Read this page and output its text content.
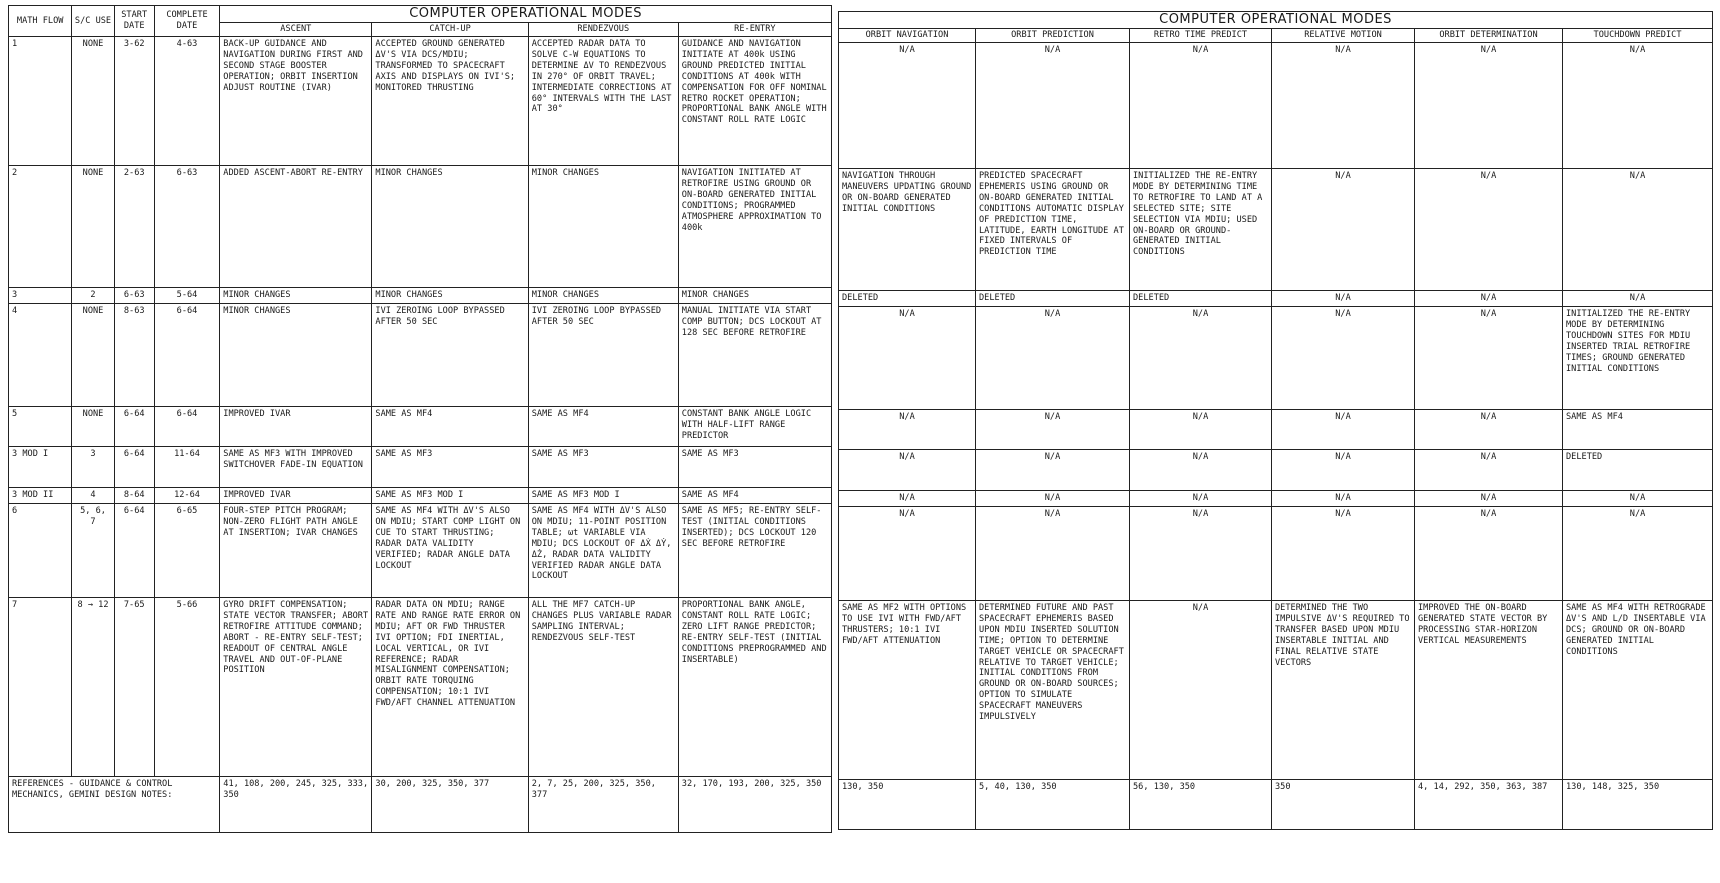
MATH FLOW	S/C USE	START DATE	COMPLETE DATE	COMPUTER OPERATIONAL MODES			
				ASCENT	CATCH-UP	RENDEZVOUS	RE-ENTRY
1	NONE	3-62	4-63	BACK-UP GUIDANCE AND NAVIGATION DURING FIRST AND SECOND STAGE BOOSTER OPERATION; ORBIT INSERTION ADJUST ROUTINE (IVAR)	ACCEPTED GROUND GENERATED ΔV'S VIA DCS/MDIU; TRANSFORMED TO SPACECRAFT AXIS AND DISPLAYS ON IVI'S; MONITORED THRUSTING	ACCEPTED RADAR DATA TO SOLVE C-W EQUATIONS TO DETERMINE ΔV TO RENDEZVOUS IN 270° OF ORBIT TRAVEL; INTERMEDIATE CORRECTIONS AT 60° INTERVALS WITH THE LAST AT 30°	GUIDANCE AND NAVIGATION INITIATE AT 400k USING GROUND PREDICTED INITIAL CONDITIONS AT 400k WITH COMPENSATION FOR OFF NOMINAL RETRO ROCKET OPERATION; PROPORTIONAL BANK ANGLE WITH CONSTANT ROLL RATE LOGIC
2	NONE	2-63	6-63	ADDED ASCENT-ABORT RE-ENTRY	MINOR CHANGES	MINOR CHANGES	NAVIGATION INITIATED AT RETROFIRE USING GROUND OR ON-BOARD GENERATED INITIAL CONDITIONS; PROGRAMMED ATMOSPHERE APPROXIMATION TO 400k
3	2	6-63	5-64	MINOR CHANGES	MINOR CHANGES	MINOR CHANGES	MINOR CHANGES
4	NONE	8-63	6-64	MINOR CHANGES	IVI ZEROING LOOP BYPASSED AFTER 50 SEC	IVI ZEROING LOOP BYPASSED AFTER 50 SEC	MANUAL INITIATE VIA START COMP BUTTON; DCS LOCKOUT AT 128 SEC BEFORE RETROFIRE
5	NONE	6-64	6-64	IMPROVED IVAR	SAME AS MF4	SAME AS MF4	CONSTANT BANK ANGLE LOGIC WITH HALF-LIFT RANGE PREDICTOR
3 MOD I	3	6-64	11-64	SAME AS MF3 WITH IMPROVED SWITCHOVER FADE-IN EQUATION	SAME AS MF3	SAME AS MF3	SAME AS MF3
3 MOD II	4	8-64	12-64	IMPROVED IVAR	SAME AS MF3 MOD I	SAME AS MF3 MOD I	SAME AS MF4
6	5, 6, 7	6-64	6-65	FOUR-STEP PITCH PROGRAM; NON-ZERO FLIGHT PATH ANGLE AT INSERTION; IVAR CHANGES	SAME AS MF4 WITH ΔV'S ALSO ON MDIU; START COMP LIGHT ON CUE TO START THRUSTING; RADAR DATA VALIDITY VERIFIED; RADAR ANGLE DATA LOCKOUT	SAME AS MF4 WITH ΔV'S ALSO ON MDIU; 11-POINT POSITION TABLE; ωt VARIABLE VIA MDIU; DCS LOCKOUT OF ΔẊ ΔẎ, ΔŻ, RADAR DATA VALIDITY VERIFIED RADAR ANGLE DATA LOCKOUT	SAME AS MF5; RE-ENTRY SELF-TEST (INITIAL CONDITIONS INSERTED); DCS LOCKOUT 120 SEC BEFORE RETROFIRE
7	8 → 12	7-65	5-66	GYRO DRIFT COMPENSATION; STATE VECTOR TRANSFER; ABORT RETROFIRE ATTITUDE COMMAND; ABORT - RE-ENTRY SELF-TEST; READOUT OF CENTRAL ANGLE TRAVEL AND OUT-OF-PLANE POSITION	RADAR DATA ON MDIU; RANGE RATE AND RANGE RATE ERROR ON MDIU; AFT OR FWD THRUSTER IVI OPTION; FDI INERTIAL, LOCAL VERTICAL, OR IVI REFERENCE; RADAR MISALIGNMENT COMPENSATION; ORBIT RATE TORQUING COMPENSATION; 10:1 IVI FWD/AFT CHANNEL ATTENUATION	ALL THE MF7 CATCH-UP CHANGES PLUS VARIABLE RADAR SAMPLING INTERVAL; RENDEZVOUS SELF-TEST	PROPORTIONAL BANK ANGLE, CONSTANT ROLL RATE LOGIC; ZERO LIFT RANGE PREDICTOR; RE-ENTRY SELF-TEST (INITIAL CONDITIONS PREPROGRAMMED AND INSERTABLE)
REFERENCES - GUIDANCE & CONTROL MECHANICS, GEMINI DESIGN NOTES:				41, 108, 200, 245, 325, 333, 350	30, 200, 325, 350, 377	2, 7, 25, 200, 325, 350, 377	32, 170, 193, 200, 325, 350
COMPUTER OPERATIONAL MODES					
ORBIT NAVIGATION	ORBIT PREDICTION	RETRO TIME PREDICT	RELATIVE MOTION	ORBIT DETERMINATION	TOUCHDOWN PREDICT
N/A	N/A	N/A	N/A	N/A	N/A
NAVIGATION THROUGH MANEUVERS UPDATING GROUND OR ON-BOARD GENERATED INITIAL CONDITIONS	PREDICTED SPACECRAFT EPHEMERIS USING GROUND OR ON-BOARD GENERATED INITIAL CONDITIONS AUTOMATIC DISPLAY OF PREDICTION TIME, LATITUDE, EARTH LONGITUDE AT FIXED INTERVALS OF PREDICTION TIME	INITIALIZED THE RE-ENTRY MODE BY DETERMINING TIME TO RETROFIRE TO LAND AT A SELECTED SITE; SITE SELECTION VIA MDIU; USED ON-BOARD OR GROUND-GENERATED INITIAL CONDITIONS	N/A	N/A	N/A
DELETED	DELETED	DELETED	N/A	N/A	N/A
N/A	N/A	N/A	N/A	N/A	INITIALIZED THE RE-ENTRY MODE BY DETERMINING TOUCHDOWN SITES FOR MDIU INSERTED TRIAL RETROFIRE TIMES; GROUND GENERATED INITIAL CONDITIONS
N/A	N/A	N/A	N/A	N/A	SAME AS MF4
N/A	N/A	N/A	N/A	N/A	DELETED
N/A	N/A	N/A	N/A	N/A	N/A
N/A	N/A	N/A	N/A	N/A	N/A
SAME AS MF2 WITH OPTIONS TO USE IVI WITH FWD/AFT THRUSTERS; 10:1 IVI FWD/AFT ATTENUATION	DETERMINED FUTURE AND PAST SPACECRAFT EPHEMERIS BASED UPON MDIU INSERTED SOLUTION TIME; OPTION TO DETERMINE TARGET VEHICLE OR SPACECRAFT RELATIVE TO TARGET VEHICLE; INITIAL CONDITIONS FROM GROUND OR ON-BOARD SOURCES; OPTION TO SIMULATE SPACECRAFT MANEUVERS IMPULSIVELY	N/A	DETERMINED THE TWO IMPULSIVE ΔV'S REQUIRED TO TRANSFER BASED UPON MDIU INSERTABLE INITIAL AND FINAL RELATIVE STATE VECTORS	IMPROVED THE ON-BOARD GENERATED STATE VECTOR BY PROCESSING STAR-HORIZON VERTICAL MEASUREMENTS	SAME AS MF4 WITH RETROGRADE ΔV'S AND L/D INSERTABLE VIA DCS; GROUND OR ON-BOARD GENERATED INITIAL CONDITIONS
130, 350	5, 40, 130, 350	56, 130, 350	350	4, 14, 292, 350, 363, 387	130, 148, 325, 350
